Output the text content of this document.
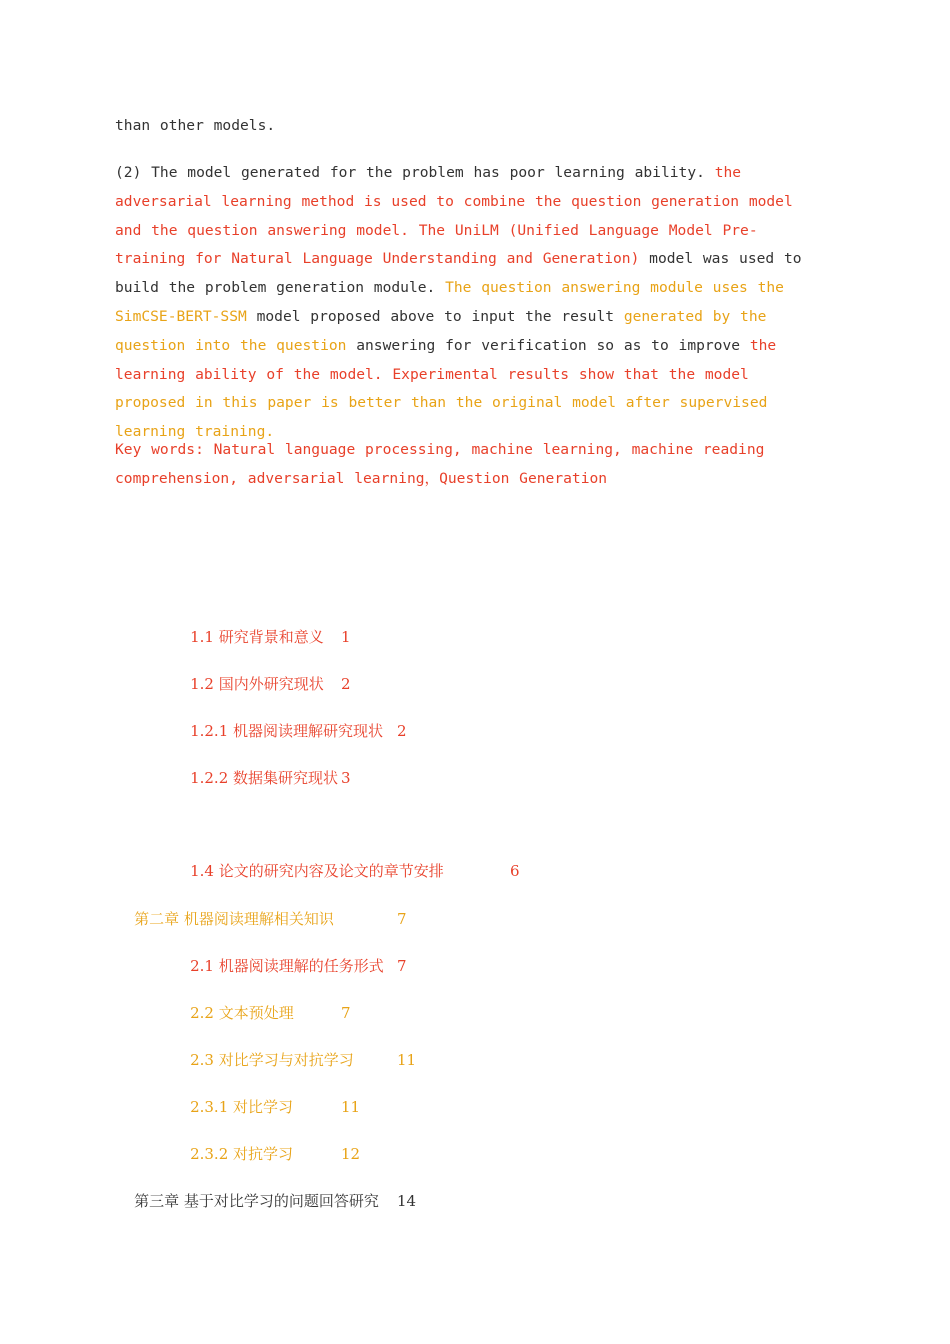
than other models.
(2) The model generated for the problem has poor learning ability. the adversarial learning method is used to combine the question generation model and the question answering model. The UniLM (Unified Language Model Pre-training for Natural Language Understanding and Generation) model was used to build the problem generation module. The question answering module uses the SimCSE-BERT-SSM model proposed above to input the result generated by the question into the question answering for verification so as to improve the learning ability of the model. Experimental results show that the model proposed in this paper is better than the original model after supervised learning training.
Key words: Natural language processing, machine learning, machine reading
comprehension, adversarial learning，Question Generation

1.1 研究背景和意义 1

1.2 国内外研究现状 2

1.2.1 机器阅读理解研究现状 2

1.2.2 数据集研究现状 3

1.4 论文的研究内容及论文的章节安排	6

第二章 机器阅读理解相关知识	7

2.1 机器阅读理解的任务形式 7

2.2 文本预处理	7

2.3 对比学习与对抗学习	11

2.3.1 对比学习	11

2.3.2 对抗学习	12

第三章 基于对比学习的问题回答研究 14
